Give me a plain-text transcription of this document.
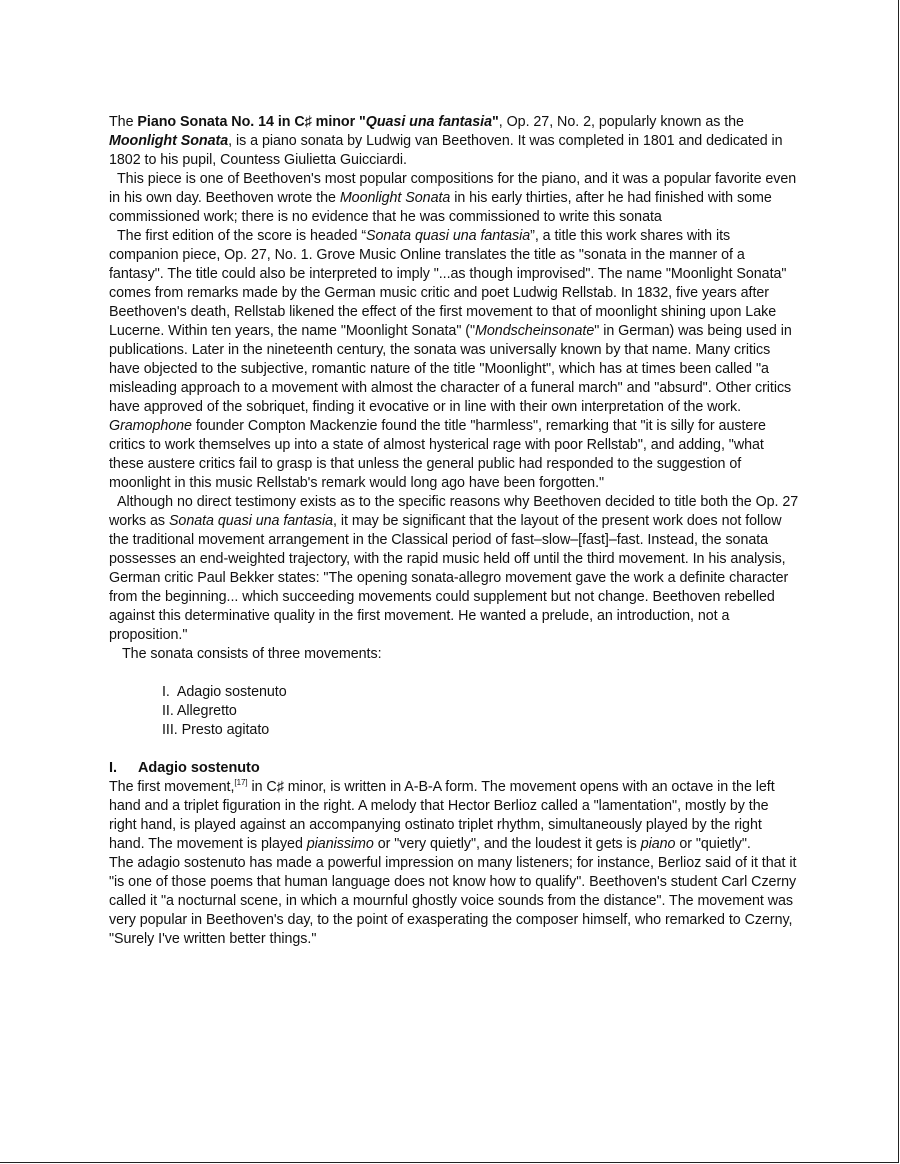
The Piano Sonata No. 14 in C♯ minor "Quasi una fantasia", Op. 27, No. 2, popularly known as the Moonlight Sonata, is a piano sonata by Ludwig van Beethoven. It was completed in 1801 and dedicated in 1802 to his pupil, Countess Giulietta Guicciardi.

This piece is one of Beethoven's most popular compositions for the piano, and it was a popular favorite even in his own day. Beethoven wrote the Moonlight Sonata in his early thirties, after he had finished with some commissioned work; there is no evidence that he was commissioned to write this sonata

The first edition of the score is headed “Sonata quasi una fantasia”, a title this work shares with its companion piece, Op. 27, No. 1. Grove Music Online translates the title as "sonata in the manner of a fantasy". The title could also be interpreted to imply "...as though improvised". The name "Moonlight Sonata" comes from remarks made by the German music critic and poet Ludwig Rellstab. In 1832, five years after Beethoven's death, Rellstab likened the effect of the first movement to that of moonlight shining upon Lake Lucerne. Within ten years, the name "Moonlight Sonata" ("Mondscheinsonate" in German) was being used in publications. Later in the nineteenth century, the sonata was universally known by that name. Many critics have objected to the subjective, romantic nature of the title "Moonlight", which has at times been called "a misleading approach to a movement with almost the character of a funeral march" and "absurd". Other critics have approved of the sobriquet, finding it evocative or in line with their own interpretation of the work. Gramophone founder Compton Mackenzie found the title "harmless", remarking that "it is silly for austere critics to work themselves up into a state of almost hysterical rage with poor Rellstab", and adding, "what these austere critics fail to grasp is that unless the general public had responded to the suggestion of moonlight in this music Rellstab's remark would long ago have been forgotten."

Although no direct testimony exists as to the specific reasons why Beethoven decided to title both the Op. 27 works as Sonata quasi una fantasia, it may be significant that the layout of the present work does not follow the traditional movement arrangement in the Classical period of fast–slow–[fast]–fast. Instead, the sonata possesses an end-weighted trajectory, with the rapid music held off until the third movement. In his analysis, German critic Paul Bekker states: "The opening sonata-allegro movement gave the work a definite character from the beginning... which succeeding movements could supplement but not change. Beethoven rebelled against this determinative quality in the first movement. He wanted a prelude, an introduction, not a proposition."

The sonata consists of three movements:

I. Adagio sostenuto
II. Allegretto
III. Presto agitato

I. Adagio sostenuto

The first movement,[17] in C♯ minor, is written in A-B-A form. The movement opens with an octave in the left hand and a triplet figuration in the right. A melody that Hector Berlioz called a "lamentation", mostly by the right hand, is played against an accompanying ostinato triplet rhythm, simultaneously played by the right hand. The movement is played pianissimo or "very quietly", and the loudest it gets is piano or "quietly".

The adagio sostenuto has made a powerful impression on many listeners; for instance, Berlioz said of it that it "is one of those poems that human language does not know how to qualify". Beethoven's student Carl Czerny called it "a nocturnal scene, in which a mournful ghostly voice sounds from the distance". The movement was very popular in Beethoven's day, to the point of exasperating the composer himself, who remarked to Czerny, "Surely I've written better things."
